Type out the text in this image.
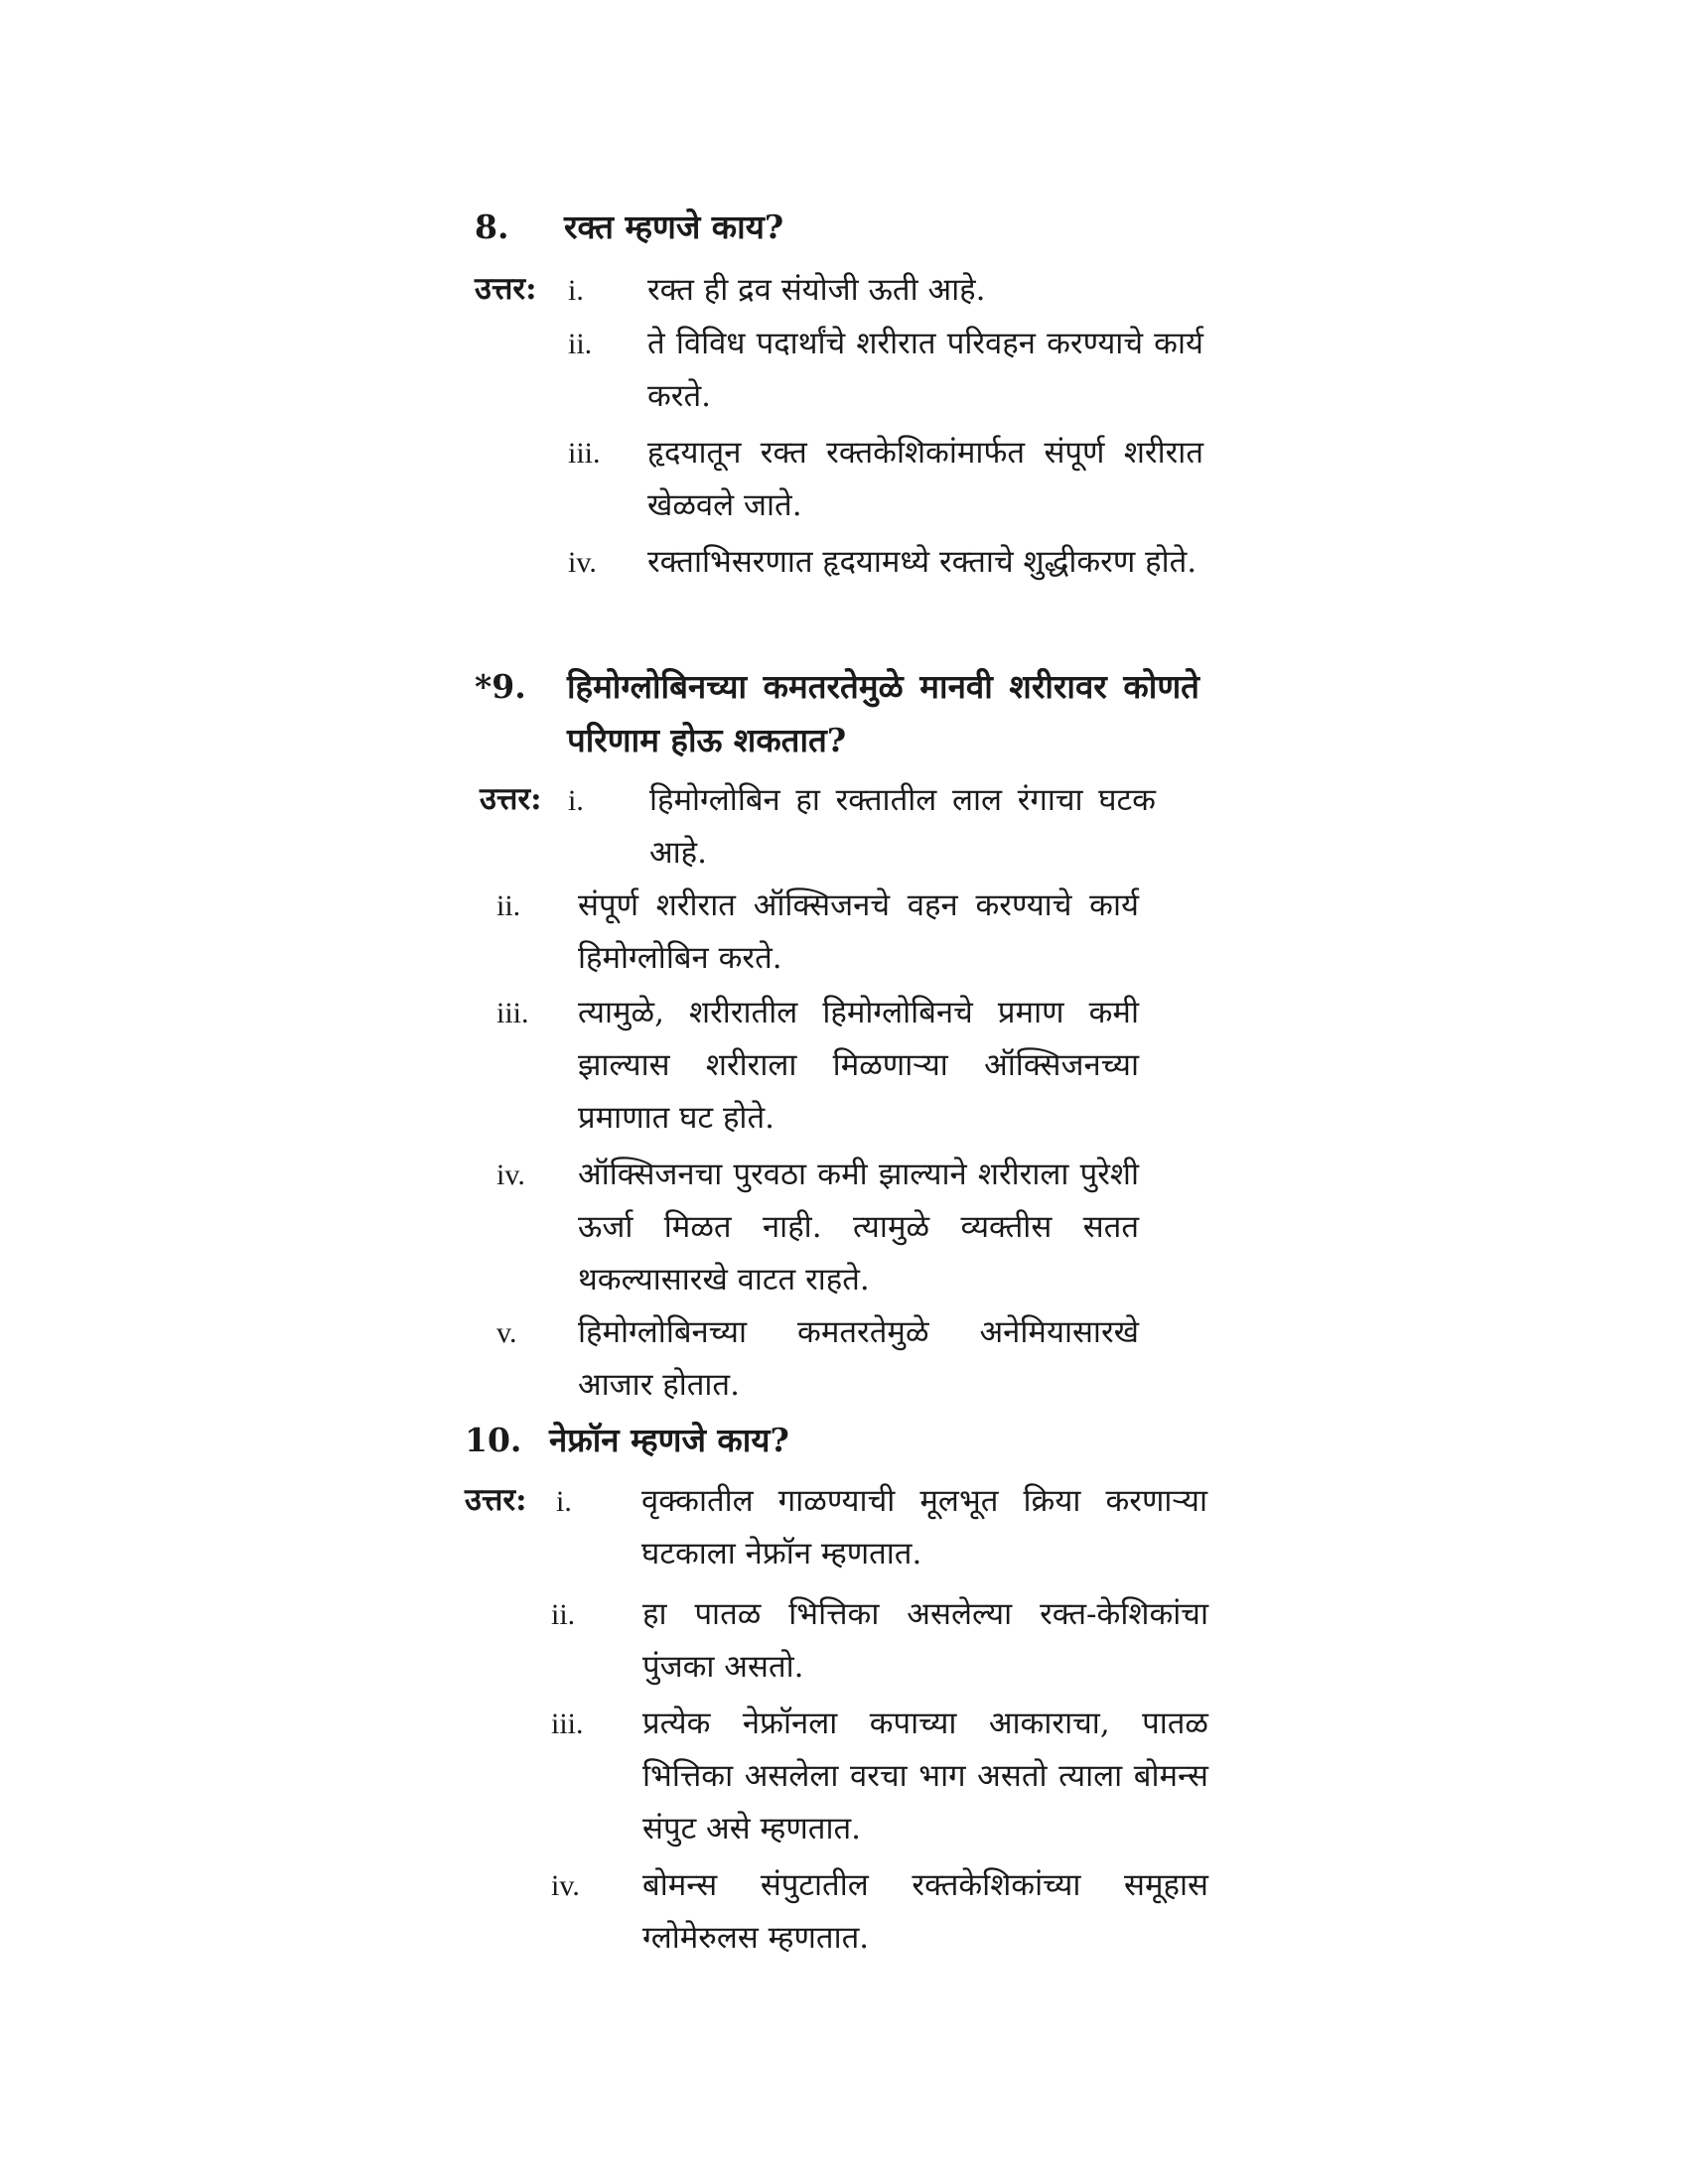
8. रक्त म्हणजे काय?
उत्तर: i. रक्त ही द्रव संयोजी ऊती आहे.
ii. ते विविध पदार्थांचे शरीरात परिवहन करण्याचे कार्य करते.
iii. हृदयातून रक्त रक्तकेशिकांमार्फत संपूर्ण शरीरात खेळवले जाते.
iv. रक्ताभिसरणात हृदयामध्ये रक्ताचे शुद्धीकरण होते.
*9. हिमोग्लोबिनच्या कमतरतेमुळे मानवी शरीरावर कोणते परिणाम होऊ शकतात?
उत्तर: i. हिमोग्लोबिन हा रक्तातील लाल रंगाचा घटक आहे.
ii. संपूर्ण शरीरात ऑक्सिजनचे वहन करण्याचे कार्य हिमोग्लोबिन करते.
iii. त्यामुळे, शरीरातील हिमोग्लोबिनचे प्रमाण कमी झाल्यास शरीराला मिळणाऱ्या ऑक्सिजनच्या प्रमाणात घट होते.
iv. ऑक्सिजनचा पुरवठा कमी झाल्याने शरीराला पुरेशी ऊर्जा मिळत नाही. त्यामुळे व्यक्तीस सतत थकल्यासारखे वाटत राहते.
v. हिमोग्लोबिनच्या कमतरतेमुळे अनेमियासारखे आजार होतात.
10. नेफ्रॉन म्हणजे काय?
उत्तर: i. वृक्कातील गाळण्याची मूलभूत क्रिया करणाऱ्या घटकाला नेफ्रॉन म्हणतात.
ii. हा पातळ भित्तिका असलेल्या रक्त-केशिकांचा पुंजका असतो.
iii. प्रत्येक नेफ्रॉनला कपाच्या आकाराचा, पातळ भित्तिका असलेला वरचा भाग असतो त्याला बोमन्स संपुट असे म्हणतात.
iv. बोमन्स संपुटातील रक्तकेशिकांच्या समूहास ग्लोमेरुलस म्हणतात.
